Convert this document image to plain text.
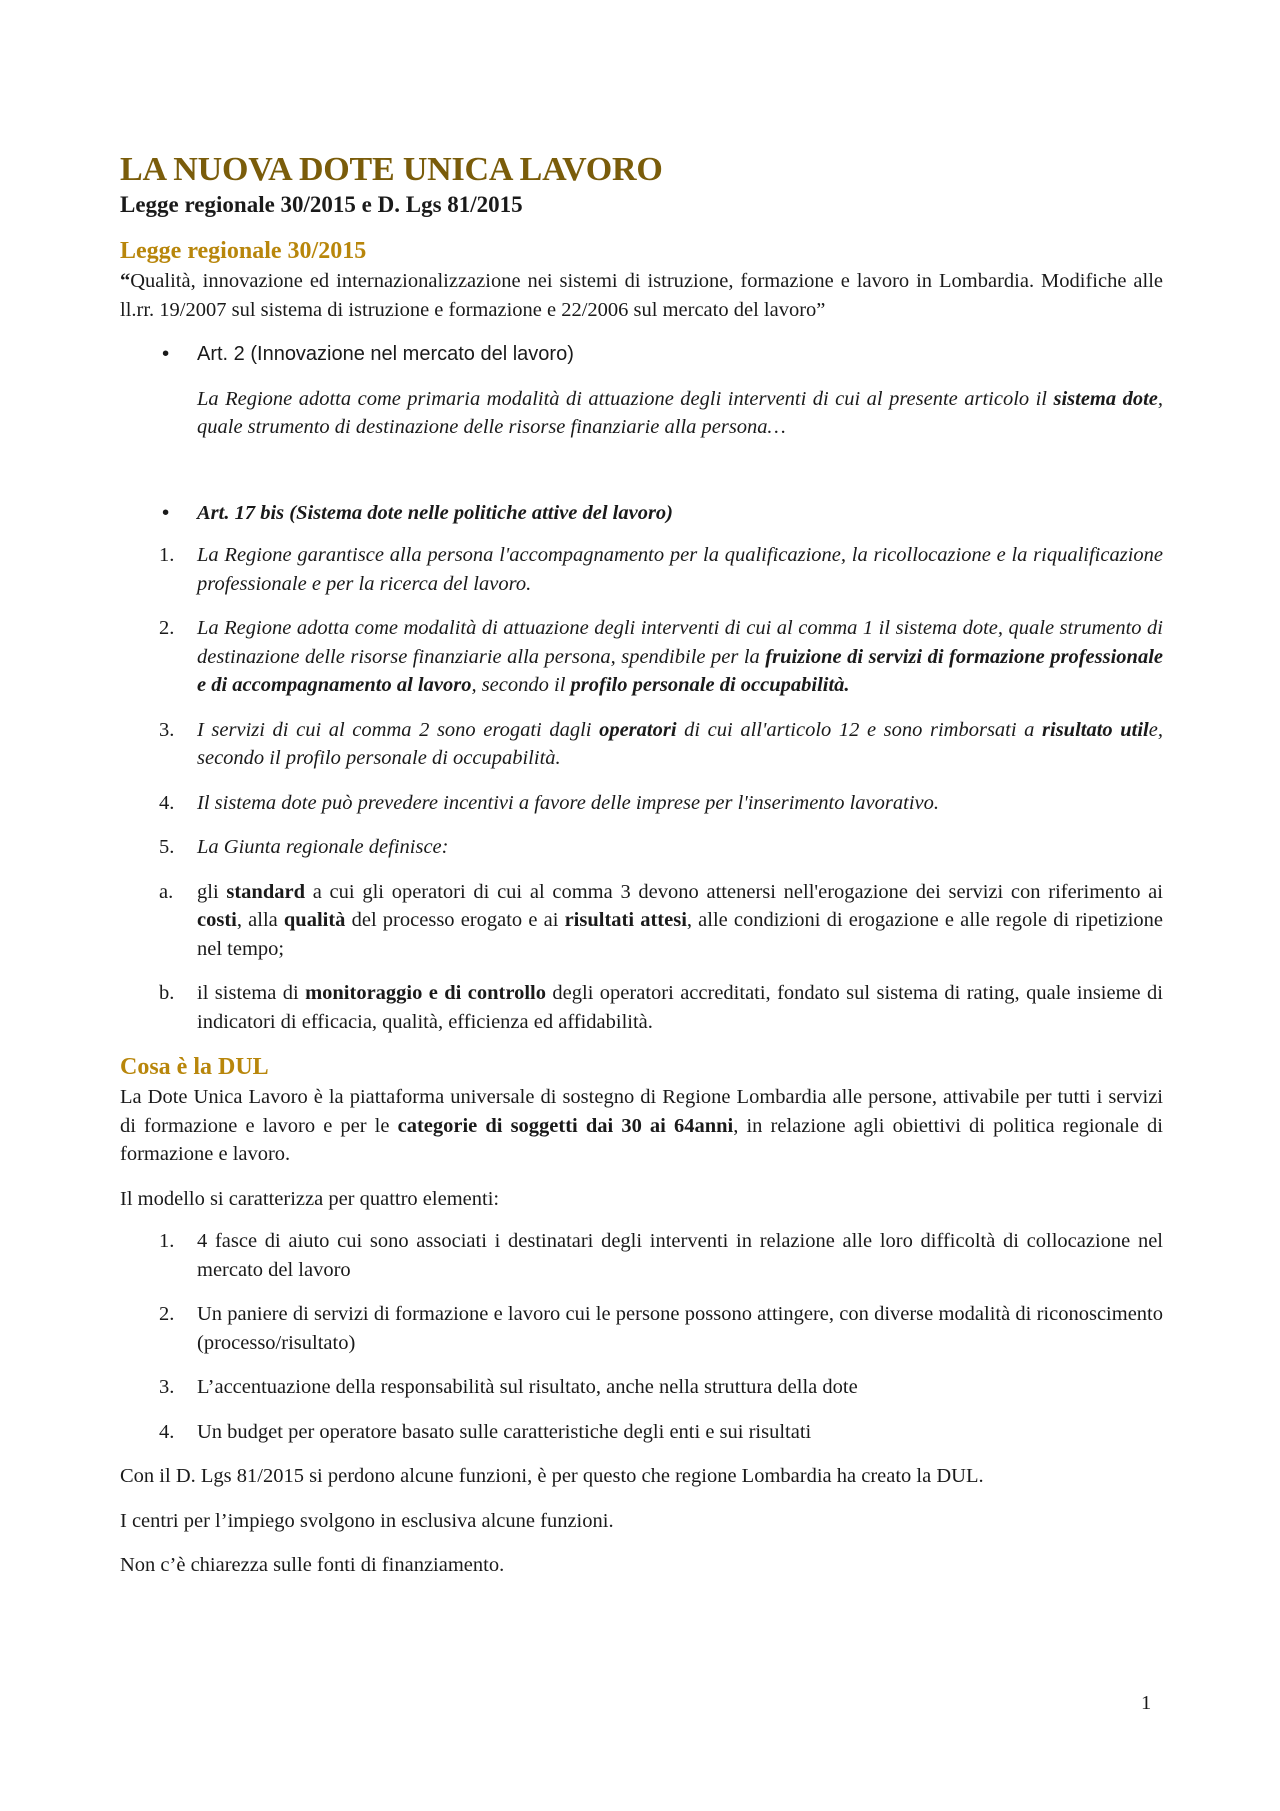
LA NUOVA DOTE UNICA LAVORO

Legge regionale 30/2015 e D. Lgs 81/2015

Legge regionale 30/2015

“Qualità, innovazione ed internazionalizzazione nei sistemi di istruzione, formazione e lavoro in Lombardia. Modifiche alle ll.rr. 19/2007 sul sistema di istruzione e formazione e 22/2006 sul mercato del lavoro”

• Art. 2 (Innovazione nel mercato del lavoro)
La Regione adotta come primaria modalità di attuazione degli interventi di cui al presente articolo il sistema dote, quale strumento di destinazione delle risorse finanziarie alla persona…
• Art. 17 bis (Sistema dote nelle politiche attive del lavoro)
1. La Regione garantisce alla persona l'accompagnamento per la qualificazione, la ricollocazione e la riqualificazione professionale e per la ricerca del lavoro.
2. La Regione adotta come modalità di attuazione degli interventi di cui al comma 1 il sistema dote, quale strumento di destinazione delle risorse finanziarie alla persona, spendibile per la fruizione di servizi di formazione professionale e di accompagnamento al lavoro, secondo il profilo personale di occupabilità.
3. I servizi di cui al comma 2 sono erogati dagli operatori di cui all'articolo 12 e sono rimborsati a risultato utile, secondo il profilo personale di occupabilità.
4. Il sistema dote può prevedere incentivi a favore delle imprese per l'inserimento lavorativo.
5. La Giunta regionale definisce:
a. gli standard a cui gli operatori di cui al comma 3 devono attenersi nell'erogazione dei servizi con riferimento ai costi, alla qualità del processo erogato e ai risultati attesi, alle condizioni di erogazione e alle regole di ripetizione nel tempo;
b. il sistema di monitoraggio e di controllo degli operatori accreditati, fondato sul sistema di rating, quale insieme di indicatori di efficacia, qualità, efficienza ed affidabilità.
Cosa è la DUL

La Dote Unica Lavoro è la piattaforma universale di sostegno di Regione Lombardia alle persone, attivabile per tutti i servizi di formazione e lavoro e per le categorie di soggetti dai 30 ai 64anni, in relazione agli obiettivi di politica regionale di formazione e lavoro.

Il modello si caratterizza per quattro elementi:

1. 4 fasce di aiuto cui sono associati i destinatari degli interventi in relazione alle loro difficoltà di collocazione nel mercato del lavoro
2. Un paniere di servizi di formazione e lavoro cui le persone possono attingere, con diverse modalità di riconoscimento (processo/risultato)
3. L’accentuazione della responsabilità sul risultato, anche nella struttura della dote
4. Un budget per operatore basato sulle caratteristiche degli enti e sui risultati

Con il D. Lgs 81/2015 si perdono alcune funzioni, è per questo che regione Lombardia ha creato la DUL.

I centri per l’impiego svolgono in esclusiva alcune funzioni.

Non c’è chiarezza sulle fonti di finanziamento.

1
